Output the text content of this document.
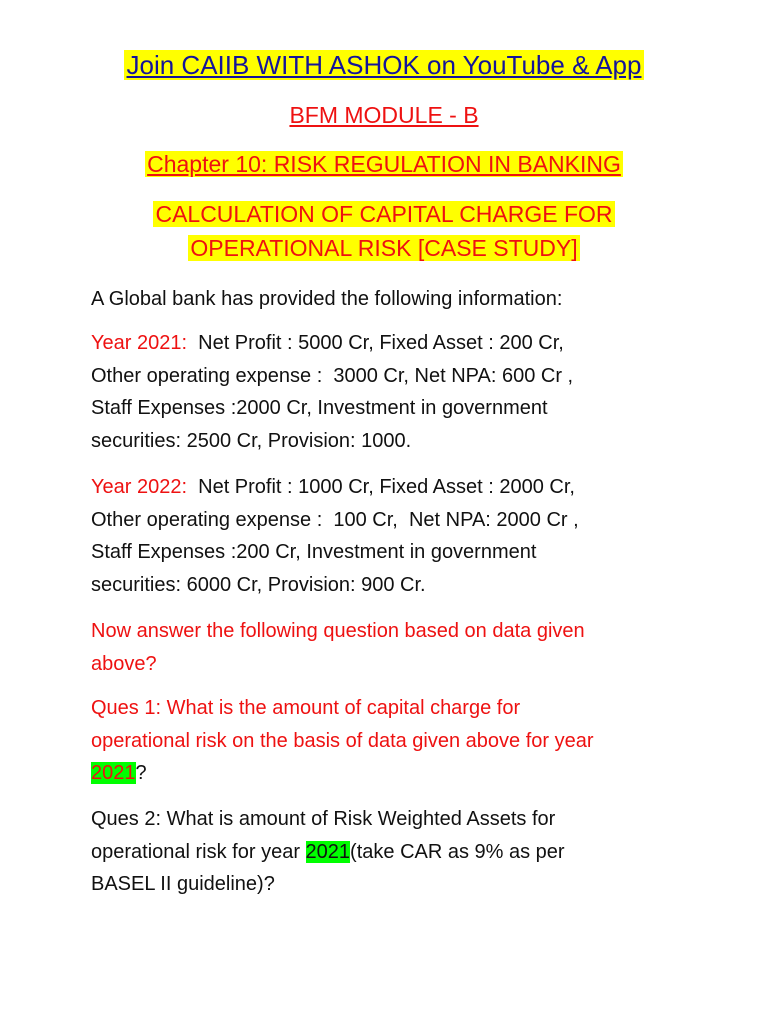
Join CAIIB WITH ASHOK on YouTube & App
BFM MODULE - B
Chapter 10: RISK REGULATION IN BANKING
CALCULATION OF CAPITAL CHARGE FOR
OPERATIONAL RISK [CASE STUDY]
A Global bank has provided the following information:
Year 2021:  Net Profit : 5000 Cr, Fixed Asset : 200 Cr,
Other operating expense :  3000 Cr, Net NPA: 600 Cr ,
Staff Expenses :2000 Cr, Investment in government
securities: 2500 Cr, Provision: 1000.
Year 2022:  Net Profit : 1000 Cr, Fixed Asset : 2000 Cr,
Other operating expense :  100 Cr,  Net NPA: 2000 Cr ,
Staff Expenses :200 Cr, Investment in government
securities: 6000 Cr, Provision: 900 Cr.
Now answer the following question based on data given
above?
Ques 1: What is the amount of capital charge for
operational risk on the basis of data given above for year
2021?
Ques 2: What is amount of Risk Weighted Assets for
operational risk for year 2021(take CAR as 9% as per
BASEL II guideline)?
